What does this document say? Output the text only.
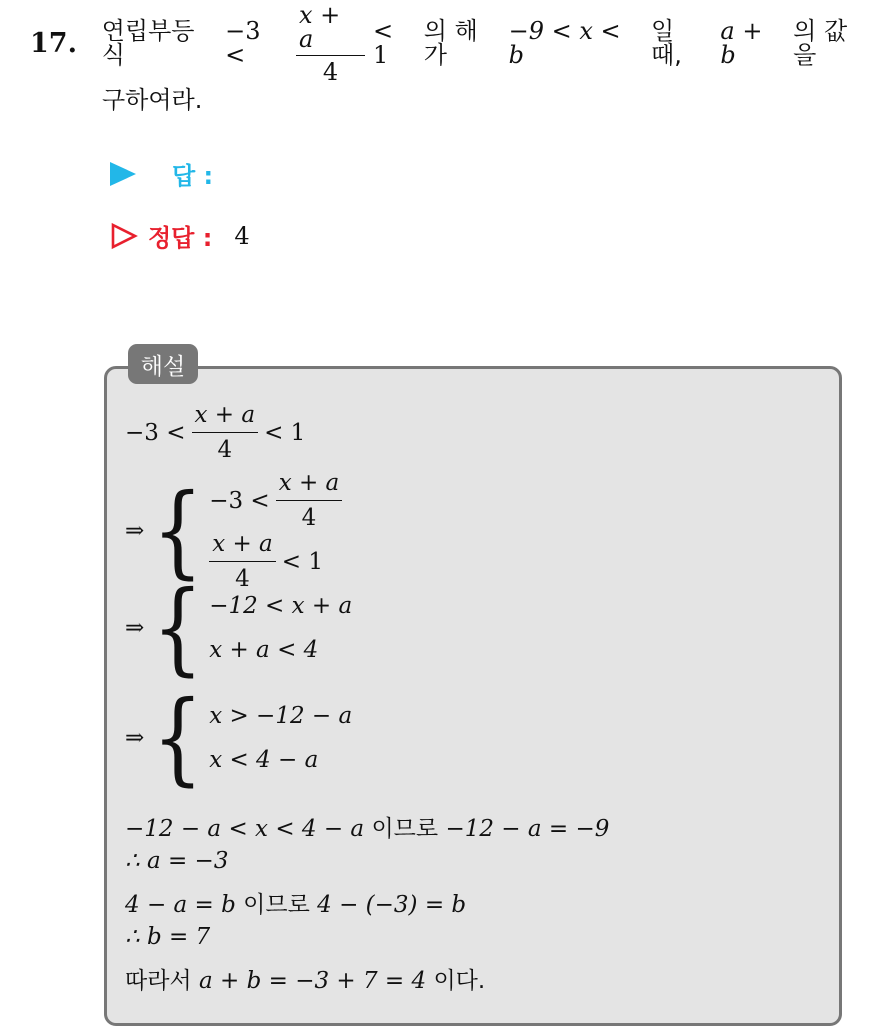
17.	연립부등식
−3 <	$\frac{x + a}{4} < 1$
의 해가
−9 < x < b
일 때,
a + b
의 값을
구하여라.
답 :
정답 : 4
해설
$-3 < \frac{x + a}{4} < 1$
⇒ { $-3 < \frac{x + a}{4}$
$\frac{x + a}{4} < 1$
⇒ { −12 < x + a
x + a < 4
⇒ { x > −12 − a
x < 4 − a
−12 − a < x < 4 − a 이므로 −12 − a = −9
∴ a = −3
4 − a = b 이므로 4 − (−3) = b
∴ b = 7
따라서 a + b = −3 + 7 = 4 이다.
